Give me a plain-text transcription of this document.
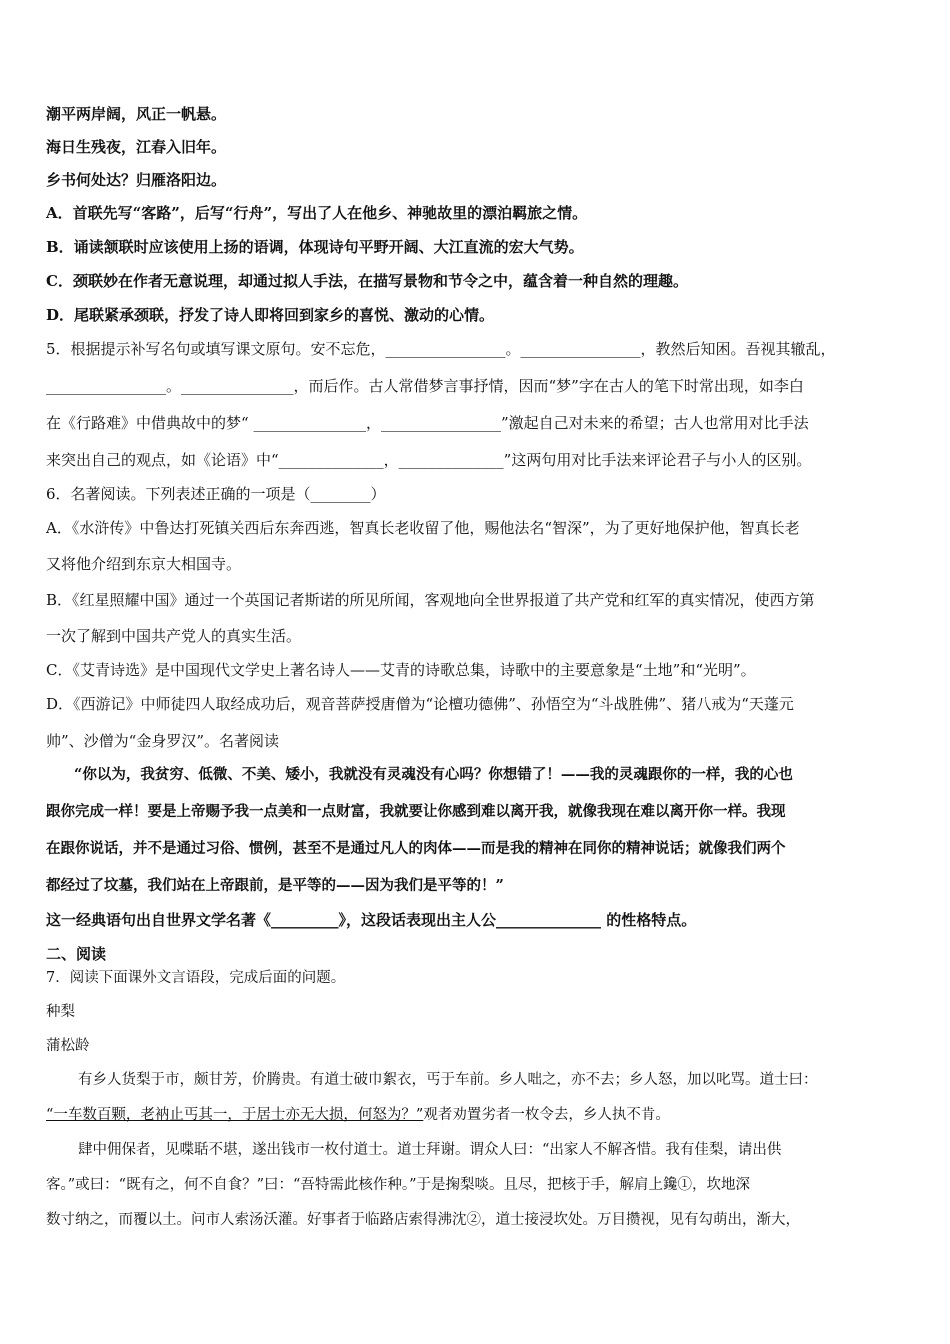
潮平两岸阔，风正一帆悬。
海日生残夜，江春入旧年。
乡书何处达？归雁洛阳边。
A．首联先写“客路”，后写“行舟”，写出了人在他乡、神驰故里的漂泊羁旅之情。
B．诵读颔联时应该使用上扬的语调，体现诗句平野开阔、大江直流的宏大气势。
C．颈联妙在作者无意说理，却通过拟人手法，在描写景物和节令之中，蕴含着一种自然的理趣。
D．尾联紧承颈联，抒发了诗人即将回到家乡的喜悦、激动的心情。
5．根据提示补写名句或填写课文原句。安不忘危，________________。________________，教然后知困。吾视其辙乱，
________________。_______________，而后作。古人常借梦言事抒情，因而“梦”字在古人的笔下时常出现，如李白
在《行路难》中借典故中的梦“ _______________，________________”激起自己对未来的希望；古人也常用对比手法
来突出自己的观点，如《论语》中“______________，______________”这两句用对比手法来评论君子与小人的区别。
6．名著阅读。下列表述正确的一项是（________）
A．《水浒传》中鲁达打死镇关西后东奔西逃，智真长老收留了他，赐他法名“智深”，为了更好地保护他，智真长老
又将他介绍到东京大相国寺。
B．《红星照耀中国》通过一个英国记者斯诺的所见所闻，客观地向全世界报道了共产党和红军的真实情况，使西方第
一次了解到中国共产党人的真实生活。
C．《艾青诗选》是中国现代文学史上著名诗人——艾青的诗歌总集，诗歌中的主要意象是“土地”和“光明”。
D．《西游记》中师徒四人取经成功后，观音菩萨授唐僧为“论檀功德佛”、孙悟空为“斗战胜佛”、猪八戒为“天蓬元
帅”、沙僧为“金身罗汉”。名著阅读
“你以为，我贫穷、低微、不美、矮小，我就没有灵魂没有心吗？你想错了！——我的灵魂跟你的一样，我的心也
跟你完成一样！要是上帝赐予我一点美和一点财富，我就要让你感到难以离开我，就像我现在难以离开你一样。我现
在跟你说话，并不是通过习俗、惯例，甚至不是通过凡人的肉体——而是我的精神在同你的精神说话；就像我们两个
都经过了坟墓，我们站在上帝跟前，是平等的——因为我们是平等的！”
这一经典语句出自世界文学名著《_________》，这段话表现出主人公______________ 的性格特点。
二、阅读
7．阅读下面课外文言语段，完成后面的问题。
种梨
蒲松龄
有乡人货梨于市，颇甘芳，价腾贵。有道士破巾絮衣，丐于车前。乡人咄之，亦不去；乡人怒，加以叱骂。道士曰：
“一车数百颗，老衲止丐其一，于居士亦无大损，何怒为？”观者劝置劣者一枚令去，乡人执不肯。
肆中佣保者，见喋聒不堪，遂出钱市一枚付道士。道士拜谢。谓众人曰：“出家人不解吝惜。我有佳梨，请出供
客。”或曰：“既有之，何不自食？”曰：“吾特需此核作种。”于是掬梨啖。且尽，把核于手，解肩上鑱①，坎地深
数寸纳之，而覆以土。问市人索汤沃灌。好事者于临路店索得沸沈②，道士接浸坎处。万目攒视，见有勾萌出，渐大，
